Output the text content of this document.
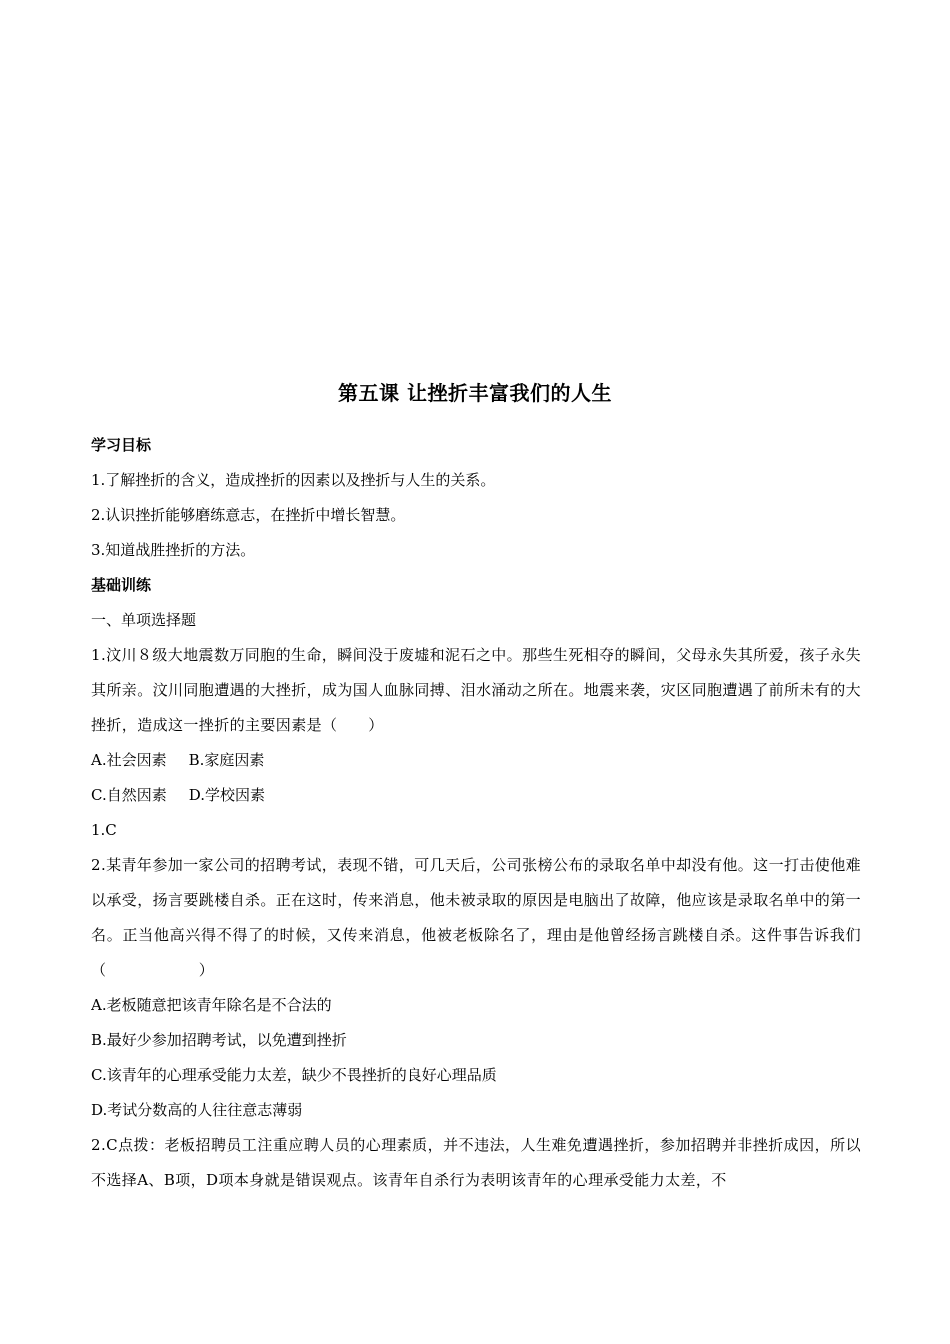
第五课 让挫折丰富我们的人生
学习目标
1.了解挫折的含义，造成挫折的因素以及挫折与人生的关系。
2.认识挫折能够磨练意志，在挫折中增长智慧。
3.知道战胜挫折的方法。
基础训练
一、单项选择题
1.汶川８级大地震数万同胞的生命，瞬间没于废墟和泥石之中。那些生死相夺的瞬间，父母永失其所爱，孩子永失其所亲。汶川同胞遭遇的大挫折，成为国人血脉同搏、泪水涌动之所在。地震来袭，灾区同胞遭遇了前所未有的大挫折，造成这一挫折的主要因素是（　　）
A.社会因素 B.家庭因素
C.自然因素 D.学校因素
1.C
2.某青年参加一家公司的招聘考试，表现不错，可几天后，公司张榜公布的录取名单中却没有他。这一打击使他难以承受，扬言要跳楼自杀。正在这时，传来消息，他未被录取的原因是电脑出了故障，他应该是录取名单中的第一名。正当他高兴得不得了的时候，又传来消息，他被老板除名了，理由是他曾经扬言跳楼自杀。这件事告诉我们（　　　　　　）
A.老板随意把该青年除名是不合法的
B.最好少参加招聘考试，以免遭到挫折
C.该青年的心理承受能力太差，缺少不畏挫折的良好心理品质
D.考试分数高的人往往意志薄弱
2.C点拨：老板招聘员工注重应聘人员的心理素质，并不违法，人生难免遭遇挫折，参加招聘并非挫折成因，所以不选择A、B项，D项本身就是错误观点。该青年自杀行为表明该青年的心理承受能力太差，不
